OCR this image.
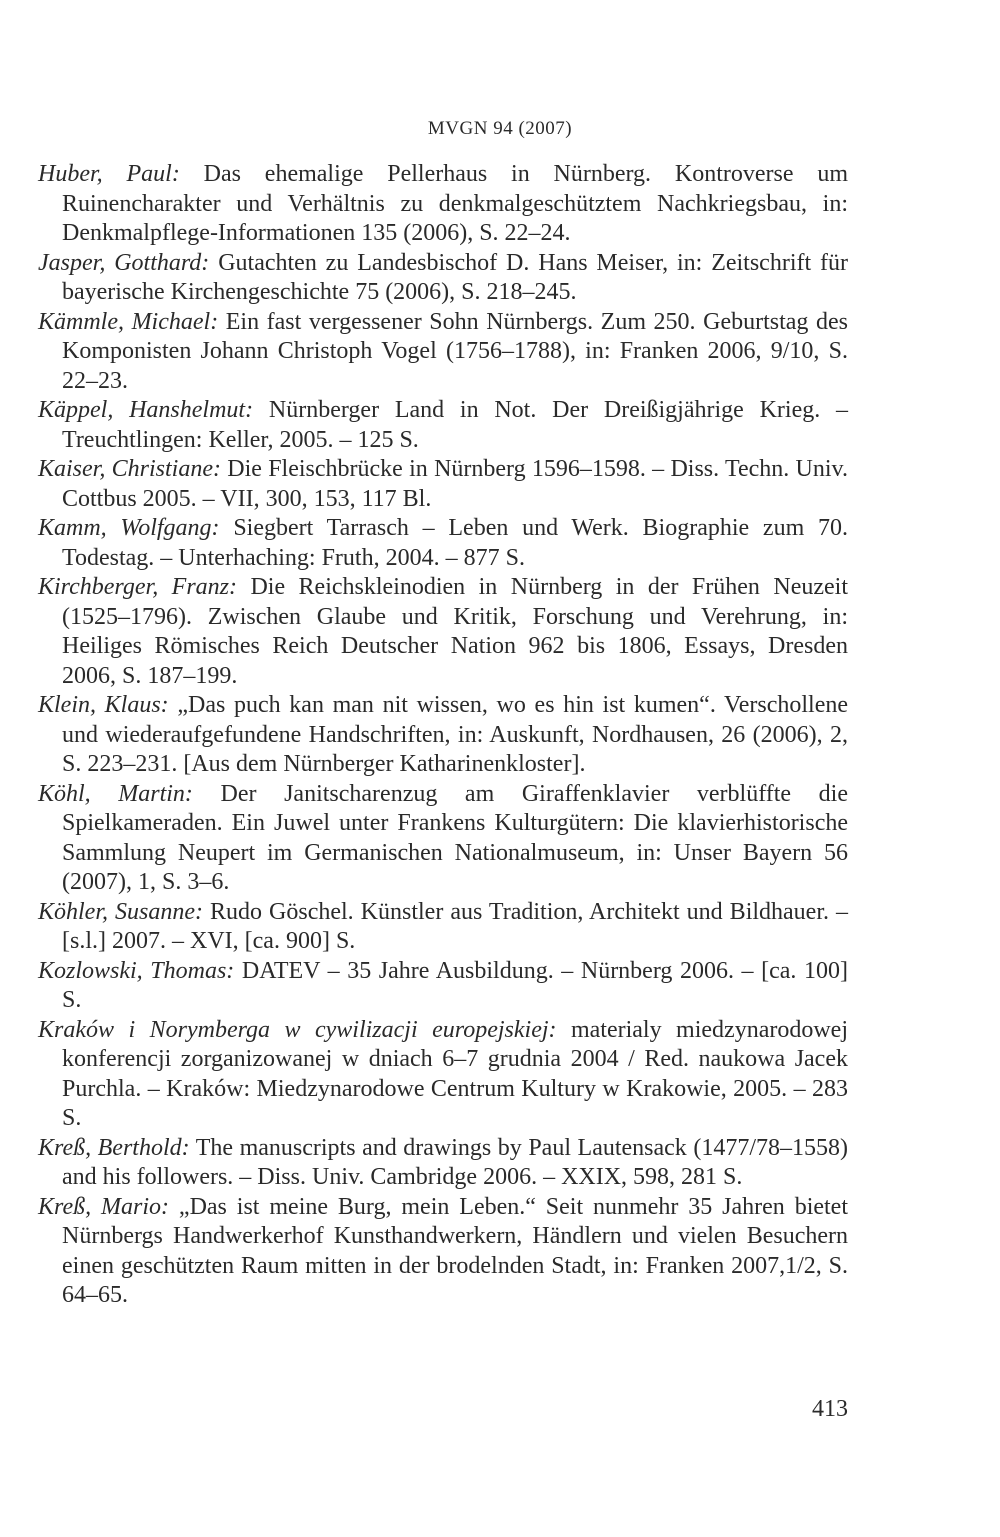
MVGN 94 (2007)

Huber, Paul: Das ehemalige Pellerhaus in Nürnberg. Kontroverse um Ruinencharakter und Verhältnis zu denkmalgeschütztem Nachkriegsbau, in: Denkmalpflege-Informationen 135 (2006), S. 22–24.

Jasper, Gotthard: Gutachten zu Landesbischof D. Hans Meiser, in: Zeitschrift für bayerische Kirchengeschichte 75 (2006), S. 218–245.

Kämmle, Michael: Ein fast vergessener Sohn Nürnbergs. Zum 250. Geburtstag des Komponisten Johann Christoph Vogel (1756–1788), in: Franken 2006, 9/10, S. 22–23.

Käppel, Hanshelmut: Nürnberger Land in Not. Der Dreißigjährige Krieg. – Treuchtlingen: Keller, 2005. – 125 S.

Kaiser, Christiane: Die Fleischbrücke in Nürnberg 1596–1598. – Diss. Techn. Univ. Cottbus 2005. – VII, 300, 153, 117 Bl.

Kamm, Wolfgang: Siegbert Tarrasch – Leben und Werk. Biographie zum 70. Todestag. – Unterhaching: Fruth, 2004. – 877 S.

Kirchberger, Franz: Die Reichskleinodien in Nürnberg in der Frühen Neuzeit (1525–1796). Zwischen Glaube und Kritik, Forschung und Verehrung, in: Heiliges Römisches Reich Deutscher Nation 962 bis 1806, Essays, Dresden 2006, S. 187–199.

Klein, Klaus: „Das puch kan man nit wissen, wo es hin ist kumen“. Verschollene und wiederaufgefundene Handschriften, in: Auskunft, Nordhausen, 26 (2006), 2, S. 223–231. [Aus dem Nürnberger Katharinenkloster].

Köhl, Martin: Der Janitscharenzug am Giraffenklavier verblüffte die Spielkameraden. Ein Juwel unter Frankens Kulturgütern: Die klavierhistorische Sammlung Neupert im Germanischen Nationalmuseum, in: Unser Bayern 56 (2007), 1, S. 3–6.

Köhler, Susanne: Rudo Göschel. Künstler aus Tradition, Architekt und Bildhauer. – [s.l.] 2007. – XVI, [ca. 900] S.

Kozlowski, Thomas: DATEV – 35 Jahre Ausbildung. – Nürnberg 2006. – [ca. 100] S.

Kraków i Norymberga w cywilizacji europejskiej: materialy miedzynarodowej konferencji zorganizowanej w dniach 6–7 grudnia 2004 / Red. naukowa Jacek Purchla. – Kraków: Miedzynarodowe Centrum Kultury w Krakowie, 2005. – 283 S.

Kreß, Berthold: The manuscripts and drawings by Paul Lautensack (1477/78–1558) and his followers. – Diss. Univ. Cambridge 2006. – XXIX, 598, 281 S.

Kreß, Mario: „Das ist meine Burg, mein Leben.“ Seit nunmehr 35 Jahren bietet Nürnbergs Handwerkerhof Kunsthandwerkern, Händlern und vielen Besuchern einen geschützten Raum mitten in der brodelnden Stadt, in: Franken 2007,1/2, S. 64–65.

413
